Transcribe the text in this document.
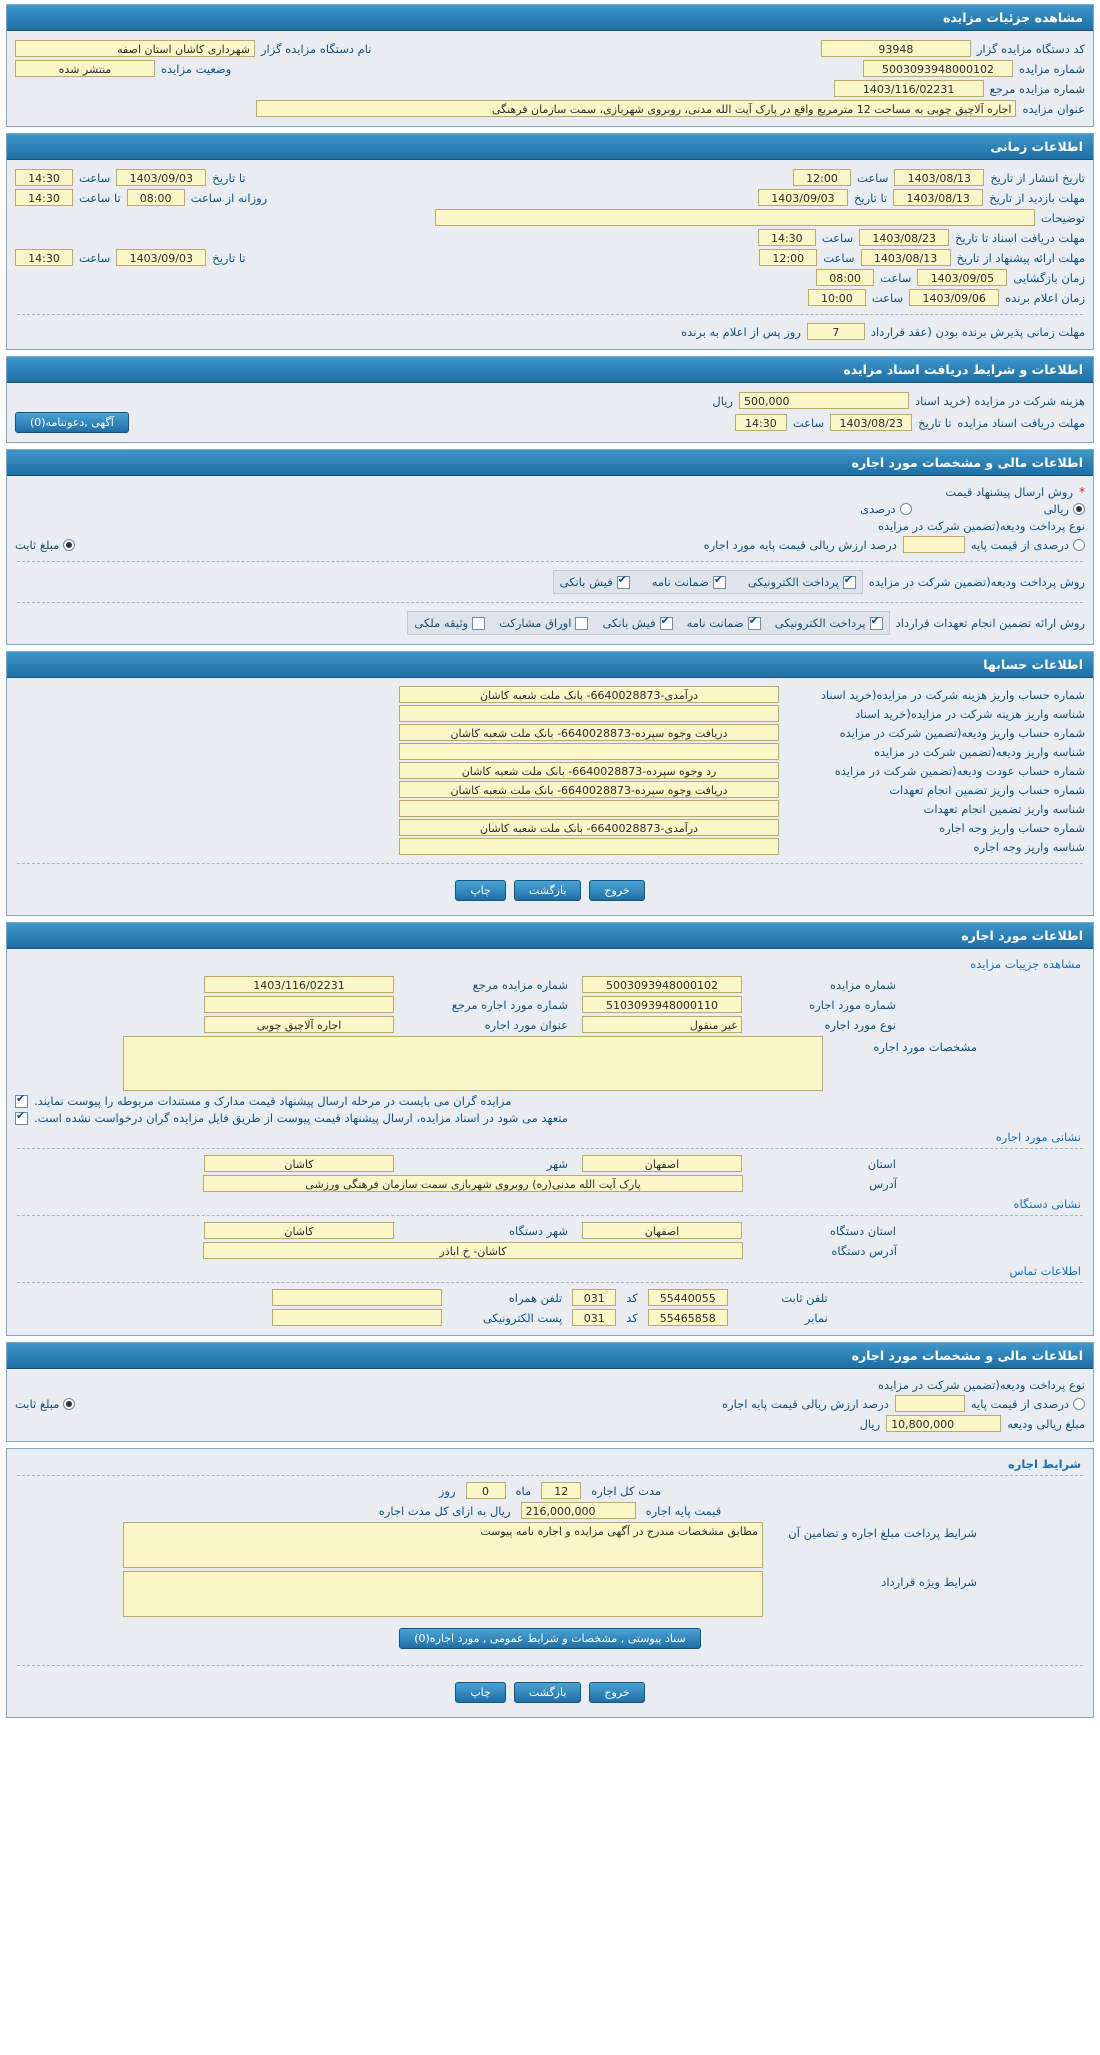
مشاهده جزئیات مزایده
کد دستگاه مزایده گزار
93948
نام دستگاه مزایده گزار
شهرداری کاشان استان اصفه
شماره مزایده
5003093948000102
وضعیت مزایده
منتشر شده
شماره مزایده مرجع
1403/116/02231
عنوان مزایده
اجاره آلاچیق چوبی به مساحت 12 مترمربع واقع در پارک آیت الله مدنی، روبروی شهربازی، سمت سازمان فرهنگی
اطلاعات زمانی
تاریخ انتشار از تاریخ
1403/08/13
ساعت
12:00
تا تاریخ
1403/09/03
ساعت
14:30
مهلت بازدید از تاریخ
1403/08/13
تا تاریخ
1403/09/03
روزانه از ساعت
08:00
تا ساعت
14:30
توضیحات
مهلت دریافت اسناد تا تاریخ
1403/08/23
ساعت
14:30
مهلت ارائه پیشنهاد از تاریخ
1403/08/13
ساعت
12:00
تا تاریخ
1403/09/03
ساعت
14:30
زمان بازگشایی
1403/09/05
ساعت
08:00
زمان اعلام برنده
1403/09/06
ساعت
10:00
مهلت زمانی پذیرش برنده بودن (عقد قرارداد
7
روز پس از اعلام به برنده
اطلاعات و شرایط دریافت اسناد مزایده
هزینه شرکت در مزایده (خرید اسناد
500,000
ریال
مهلت دریافت اسناد مزایده
تا تاریخ
1403/08/23
ساعت
14:30
آگهی ,دعوتنامه(0)
اطلاعات مالی و مشخصات مورد اجاره
*
روش ارسال پیشنهاد قیمت
ریالی
درصدی
نوع پرداخت ودیعه(تضمین شرکت در مزایده
درصدی از قیمت پایه
درصد ارزش ریالی قیمت پایه مورد اجاره
مبلغ ثابت
روش پرداخت ودیعه(تضمین شرکت در مزایده
✔
پرداخت الکترونیکی
✔
ضمانت نامه
✔
فیش بانکی
روش ارائه تضمین انجام تعهدات قرارداد
✔
پرداخت الکترونیکی
✔
ضمانت نامه
✔
فیش بانکی
اوراق مشارکت
وثیقه ملکی
اطلاعات حسابها
شماره حساب واریز هزینه شرکت در مزایده(خرید اسناد
درآمدی-6640028873- بانک ملت شعبه کاشان
شناسه واریز هزینه شرکت در مزایده(خرید اسناد
شماره حساب واریز ودیعه(تضمین شرکت در مزایده
دریافت وجوه سپرده-6640028873- بانک ملت شعبه کاشان
شناسه واریز ودیعه(تضمین شرکت در مزایده
شماره حساب عودت ودیعه(تضمین شرکت در مزایده
رد وجوه سپرده-6640028873- بانک ملت شعبه کاشان
شماره حساب واریز تضمین انجام تعهدات
دریافت وجوه سپرده-6640028873- بانک ملت شعبه کاشان
شناسه واریز تضمین انجام تعهدات
شماره حساب واریز وجه اجاره
درآمدی-6640028873- بانک ملت شعبه کاشان
شناسه واریز وجه اجاره
خروج
بازگشت
چاپ
اطلاعات مورد اجاره
مشاهده جزییات مزایده
شماره مزایده
5003093948000102
شماره مزایده مرجع
1403/116/02231
شماره مورد اجاره
5103093948000110
شماره مورد اجاره مرجع
نوع مورد اجاره
غیر منقول
عنوان مورد اجاره
اجاره آلاچیق چوبی
مشخصات مورد اجاره
مزایده گران می بایست در مرحله ارسال پیشنهاد قیمت مدارک و مستندات مربوطه را پیوست نمایند.
✔
متعهد می شود در اسناد مزایده، ارسال پیشنهاد قیمت پیوست از طریق فایل مزایده گران درخواست نشده است.
✔
نشانی مورد اجاره
استان
اصفهان
شهر
کاشان
آدرس
پارک آیت الله مدنی(ره) روبروی شهربازی سمت سازمان فرهنگی ورزشی
نشانی دستگاه
استان دستگاه
اصفهان
شهر دستگاه
کاشان
آدرس دستگاه
کاشان- خ اباذر
اطلاعات تماس
تلفن ثابت
55440055
کد
031
تلفن همراه
نمابر
55465858
کد
031
پست الکترونیکی
اطلاعات مالی و مشخصات مورد اجاره
نوع پرداخت ودیعه(تضمین شرکت در مزایده
درصدی از قیمت پایه
درصد ارزش ریالی قیمت پایه اجاره
مبلغ ثابت
مبلغ ریالی ودیعه
10,800,000
ریال
شرایط اجاره
مدت کل اجاره
12
ماه
0
روز
قیمت پایه اجاره
216,000,000
ریال به ازای کل مدت اجاره
شرایط پرداخت مبلغ اجاره و تضامین آن
مطابق مشخصات مندرج در آگهی مزایده و اجاره نامه پیوست
شرایط ویژه قرارداد
سناد پیوستی , مشخصات و شرایط عمومی , مورد اجاره(0)
خروج
بازگشت
چاپ
